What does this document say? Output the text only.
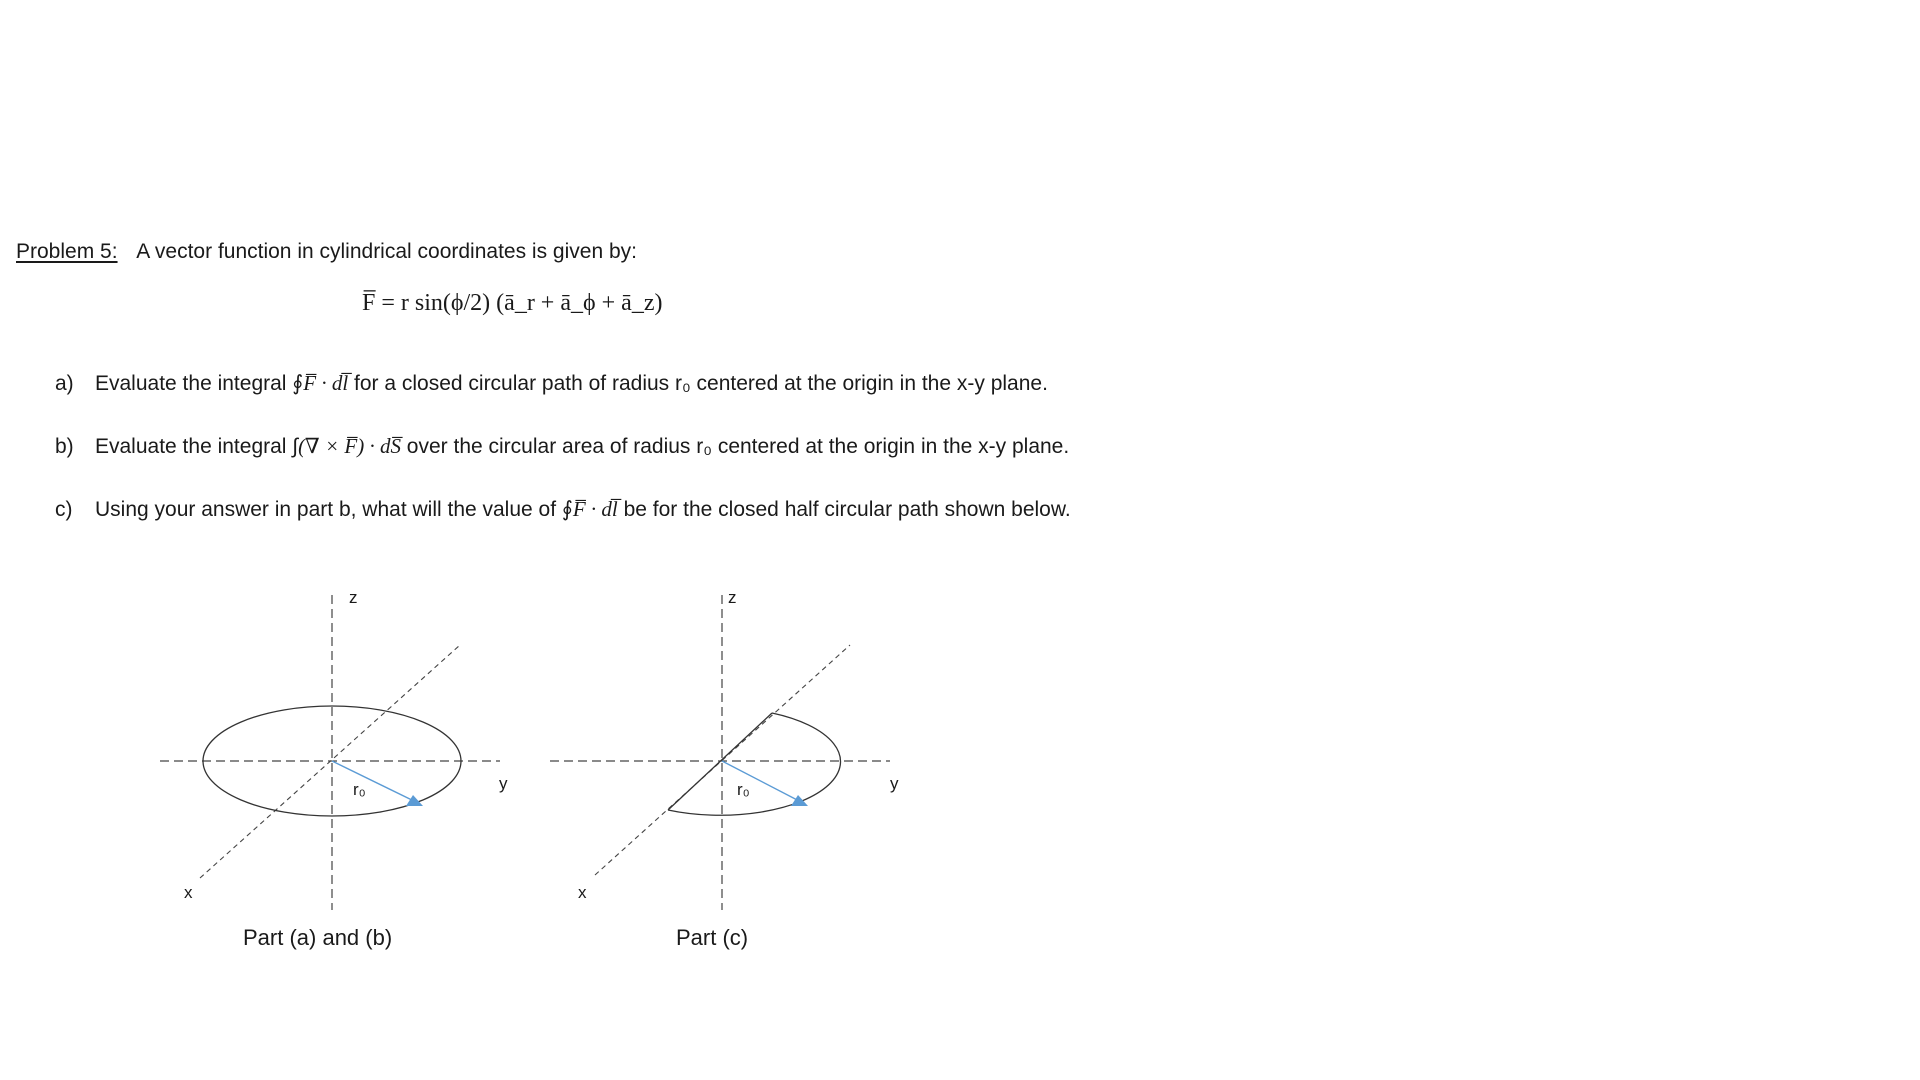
Problem 5: A vector function in cylindrical coordinates is given by:
F̅ = r sin(ϕ/2) (ā_r + ā_ϕ + ā_z)
a) Evaluate the integral ∮F̅ · dl̅ for a closed circular path of radius r₀ centered at the origin in the x-y plane.
b) Evaluate the integral ∫(∇ × F̅) · dS̅ over the circular area of radius r₀ centered at the origin in the x-y plane.
c) Using your answer in part b, what will the value of ∮F̅ · dl̅ be for the closed half circular path shown below.
z
y
x
r₀
Part (a) and (b)
z
y
x
r₀
Part (c)
